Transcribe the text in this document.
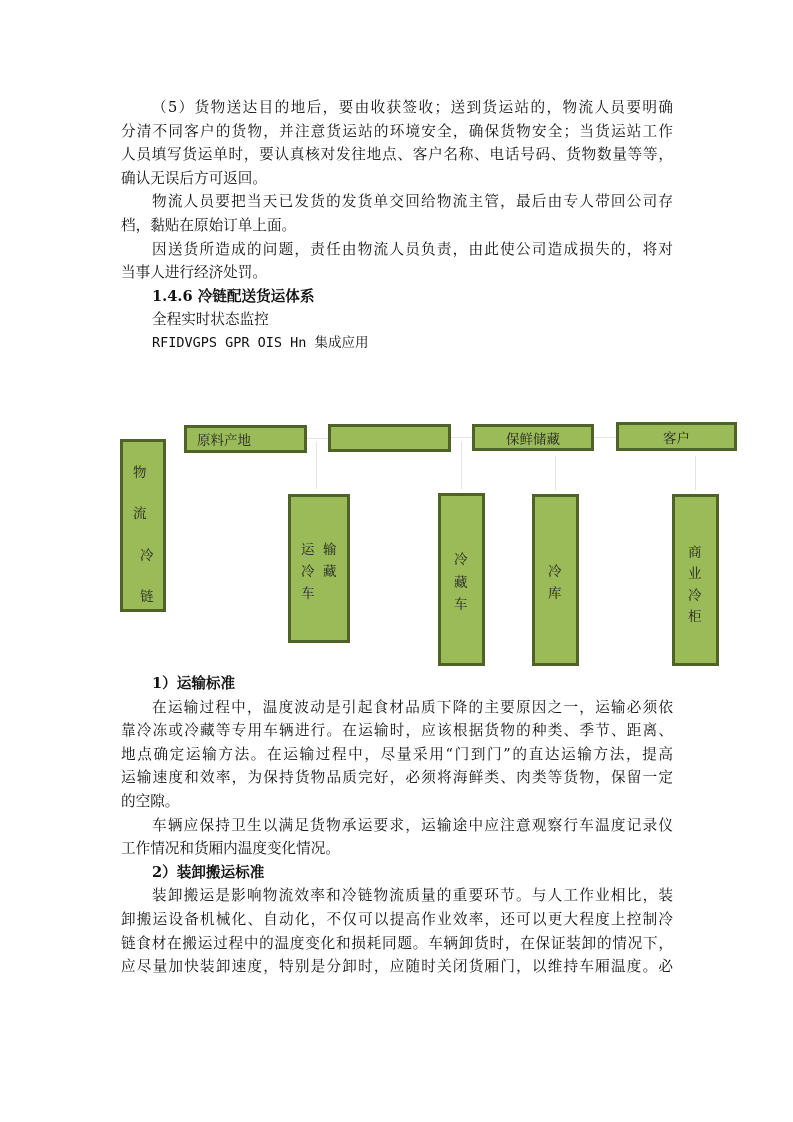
（5）货物送达目的地后，要由收获签收；送到货运站的，物流人员要明确
分清不同客户的货物，并注意货运站的环境安全，确保货物安全；当货运站工作
人员填写货运单时，要认真核对发往地点、客户名称、电话号码、货物数量等等，
确认无误后方可返回。
物流人员要把当天已发货的发货单交回给物流主管，最后由专人带回公司存
档，黏贴在原始订单上面。
因送货所造成的问题，责任由物流人员负责，由此使公司造成损失的，将对
当事人进行经济处罚。
1.4.6 冷链配送货运体系
全程实时状态监控
RFIDVGPS GPR OIS Hn 集成应用
物
流
冷
链
原料产地	保鲜储藏	客户
运
冷
车
输
藏
冷
藏
车
冷
库
商
业
冷
柜
1）运输标准
在运输过程中，温度波动是引起食材品质下降的主要原因之一，运输必须依
靠冷冻或冷藏等专用车辆进行。在运输时，应该根据货物的种类、季节、距离、
地点确定运输方法。在运输过程中，尽量采用“门到门”的直达运输方法，提高
运输速度和效率，为保持货物品质完好，必须将海鲜类、肉类等货物，保留一定
的空隙。
车辆应保持卫生以满足货物承运要求，运输途中应注意观察行车温度记录仪
工作情况和货厢内温度变化情况。
2）装卸搬运标准
装卸搬运是影响物流效率和冷链物流质量的重要环节。与人工作业相比，装
卸搬运设备机械化、自动化，不仅可以提高作业效率，还可以更大程度上控制冷
链食材在搬运过程中的温度变化和损耗同题。车辆卸货时，在保证装卸的情况下，
应尽量加快装卸速度，特别是分卸时，应随时关闭货厢门，以维持车厢温度。必
